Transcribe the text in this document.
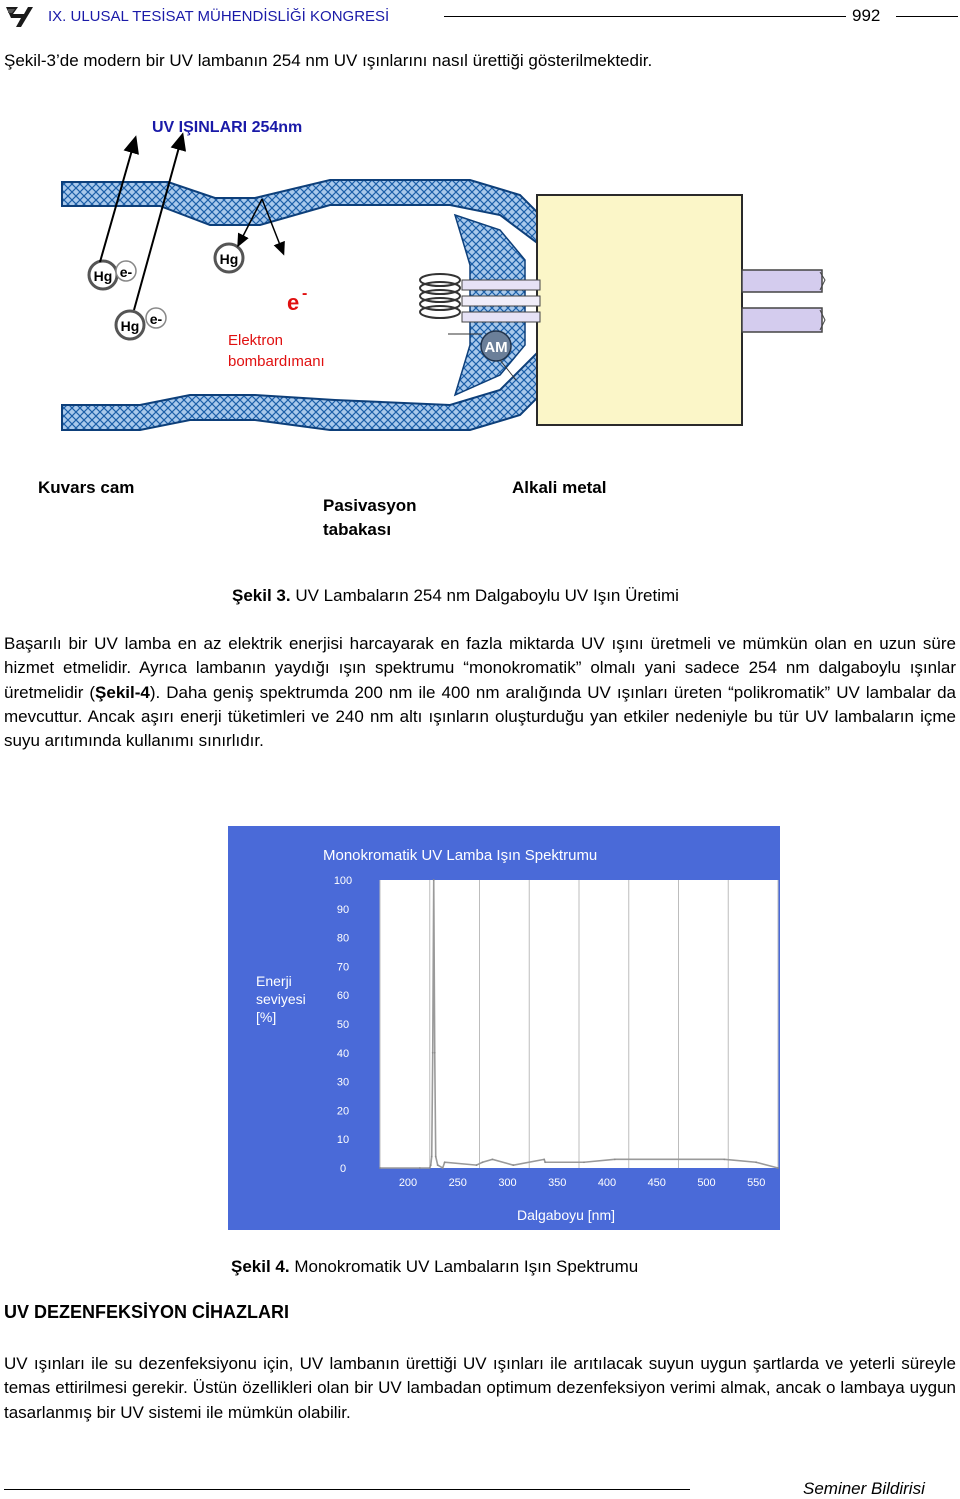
IX. ULUSAL TESİSAT MÜHENDİSLİĞİ KONGRESİ	992
Şekil-3’de modern bir UV lambanın 254 nm UV ışınlarını nasıl ürettiği gösterilmektedir.
AM
Hg
Hg
Hg
e-
e-
UV IŞINLARI 254nm
e -
Elektron
bombardımanı
Kuvars cam
Pasivasyon
tabakası
Alkali metal
Şekil 3. UV Lambaların 254 nm Dalgaboylu UV Işın Üretimi
Başarılı bir UV lamba en az elektrik enerjisi harcayarak en fazla miktarda UV ışını üretmeli ve mümkün olan en uzun süre hizmet etmelidir. Ayrıca lambanın yaydığı ışın spektrumu “monokromatik” olmalı yani sadece 254 nm dalgaboylu ışınlar üretmelidir (Şekil-4). Daha geniş spektrumda 200 nm ile 400 nm aralığında UV ışınları üreten “polikromatik” UV lambalar da mevcuttur. Ancak aşırı enerji tüketimleri ve 240 nm altı ışınların oluşturduğu yan etkiler nedeniyle bu tür UV lambaların içme suyu arıtımında kullanımı sınırlıdır.
Monokromatik UV Lamba Işın Spektrumu
100
90
80
70
60
50
40
30
20
10
0
200	250	300	350	400	450	500	550	600
Enerji
seviyesi
[%]
Dalgaboyu [nm]
Şekil 4. Monokromatik UV Lambaların Işın Spektrumu
UV DEZENFEKSİYON CİHAZLARI
UV ışınları ile su dezenfeksiyonu için, UV lambanın ürettiği UV ışınları ile arıtılacak suyun uygun şartlarda ve yeterli süreyle temas ettirilmesi gerekir. Üstün özellikleri olan bir UV lambadan optimum dezenfeksiyon verimi almak, ancak o lambaya uygun tasarlanmış bir UV sistemi ile mümkün olabilir.
Seminer Bildirisi
